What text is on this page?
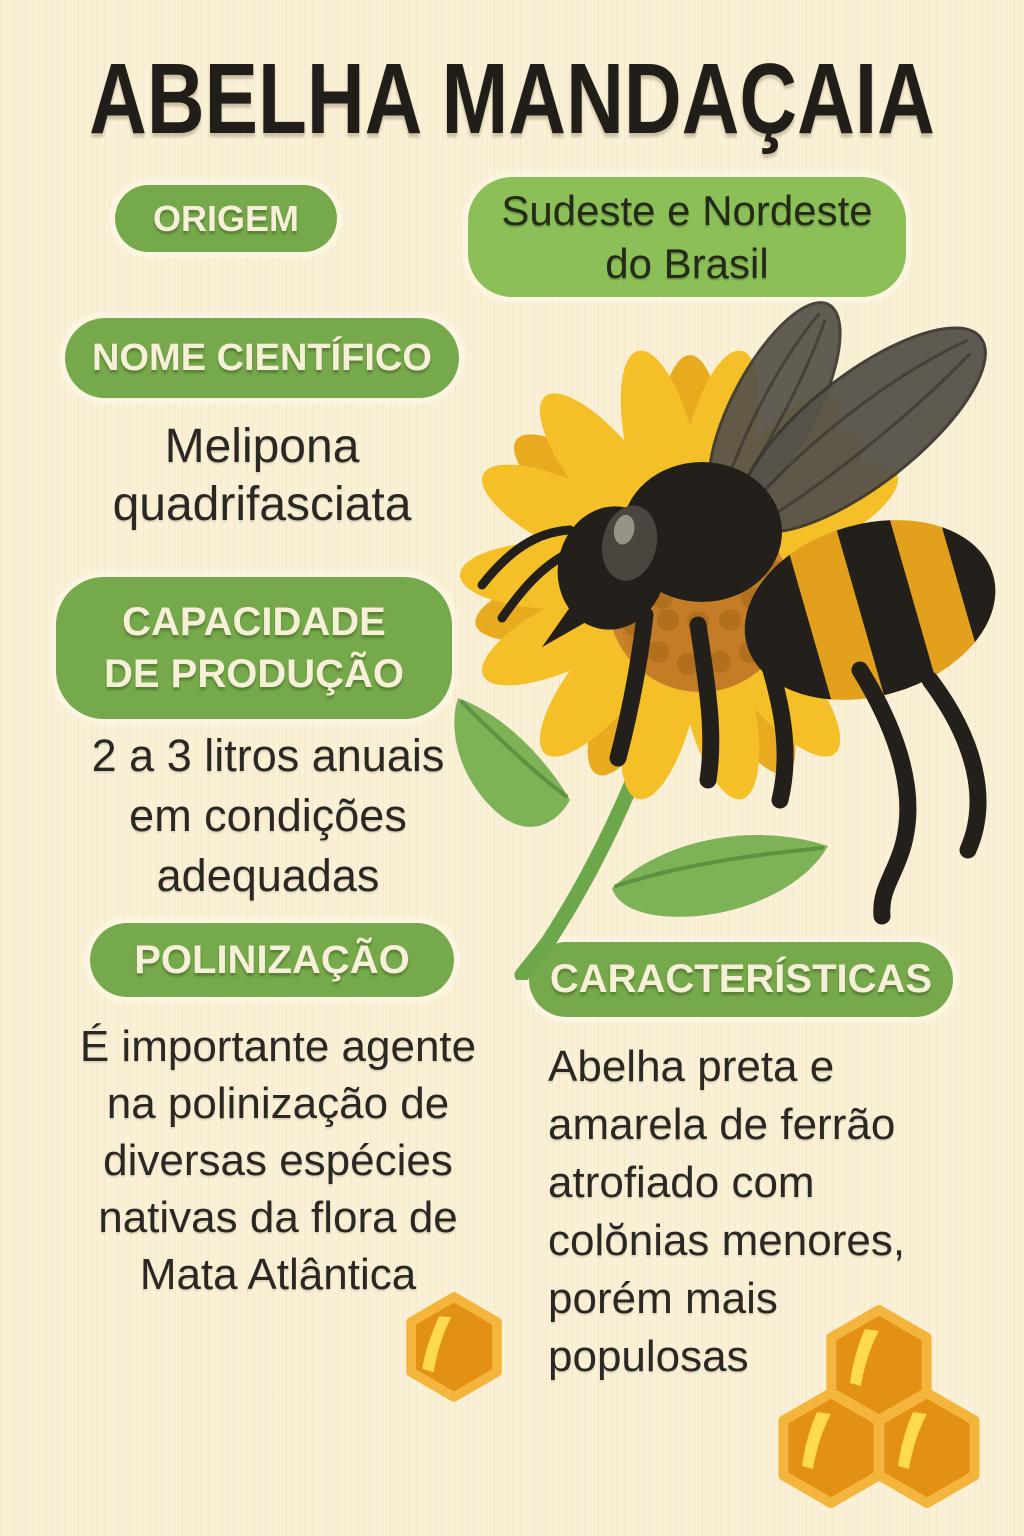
ABELHA MANDAÇAIA
ORIGEM	Sudeste e Nordeste
do Brasil
NOME CIENTÍFICO
Melipona
quadrifasciata
CAPACIDADE
DE PRODUÇÃO
2 a 3 litros anuais
em condições
adequadas
POLINIZAÇÃO
É importante agente
na polinização de
diversas espécies
nativas da flora de
Mata Atlântica
CARACTERÍSTICAS
Abelha preta e
amarela de ferrão
atrofiado com
colŏnias menores,
porém mais
populosas
